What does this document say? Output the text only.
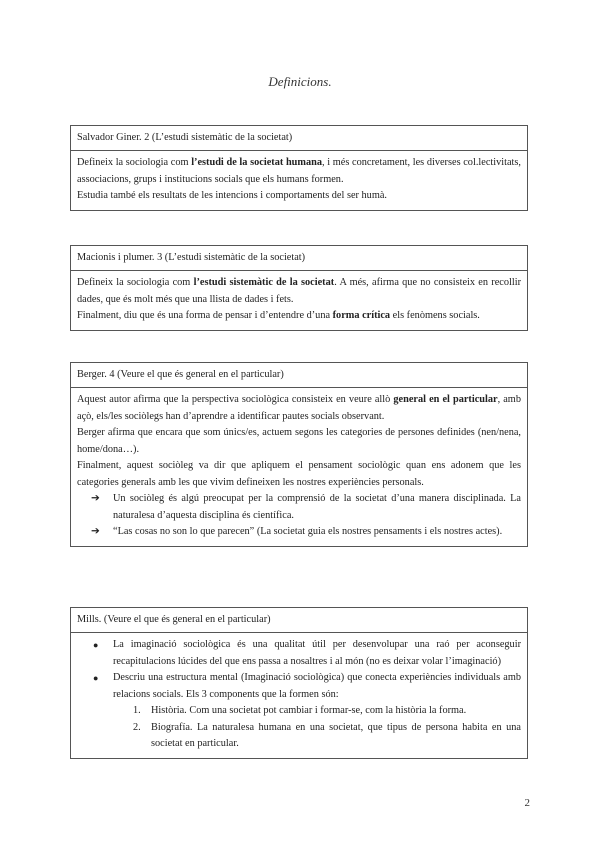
Definicions.
Salvador Giner. 2 (L’estudi sistemàtic de la societat)

Defineix la sociologia com l’estudi de la societat humana, i més concretament, les diverses col.lectivitats, associacions, grups i institucions socials que els humans formen.

Estudia també els resultats de les intencions i comportaments del ser humà.

Macionis i plumer. 3 (L’estudi sistemàtic de la societat)

Defineix la sociologia com l’estudi sistemàtic de la societat. A més, afirma que no consisteix en recollir dades, que és molt més que una llista de dades i fets.

Finalment, diu que és una forma de pensar i d’entendre d’una forma crítica els fenòmens socials.

Berger. 4 (Veure el que és general en el particular)

Aquest autor afirma que la perspectiva sociològica consisteix en veure allò general en el particular, amb açò, els/les sociòlegs han d’aprendre a identificar pautes socials observant.

Berger afirma que encara que som únics/es, actuem segons les categories de persones definides (nen/nena, home/dona…).

Finalment, aquest sociòleg va dir que apliquem el pensament sociològic quan ens adonem que les categories generals amb les que vivim defineixen les nostres experiències personals.

➔ Un sociòleg és algú preocupat per la comprensió de la societat d’una manera disciplinada. La naturalesa d’aquesta disciplina és científica.
➔ “Las cosas no son lo que parecen” (La societat guia els nostres pensaments i els nostres actes).
Mills. (Veure el que és general en el particular)
● La imaginació sociològica és una qualitat útil per desenvolupar una raó per aconseguir recapitulacions lúcides del que ens passa a nosaltres i al món (no es deixar volar l’imaginació)
● Descriu una estructura mental (Imaginació sociològica) que conecta experiències individuals amb relacions socials. Els 3 components que la formen són:
1. Història. Com una societat pot cambiar i formar-se, com la història la forma.
2. Biografía. La naturalesa humana en una societat, que tipus de persona habita en una societat en particular.
2
